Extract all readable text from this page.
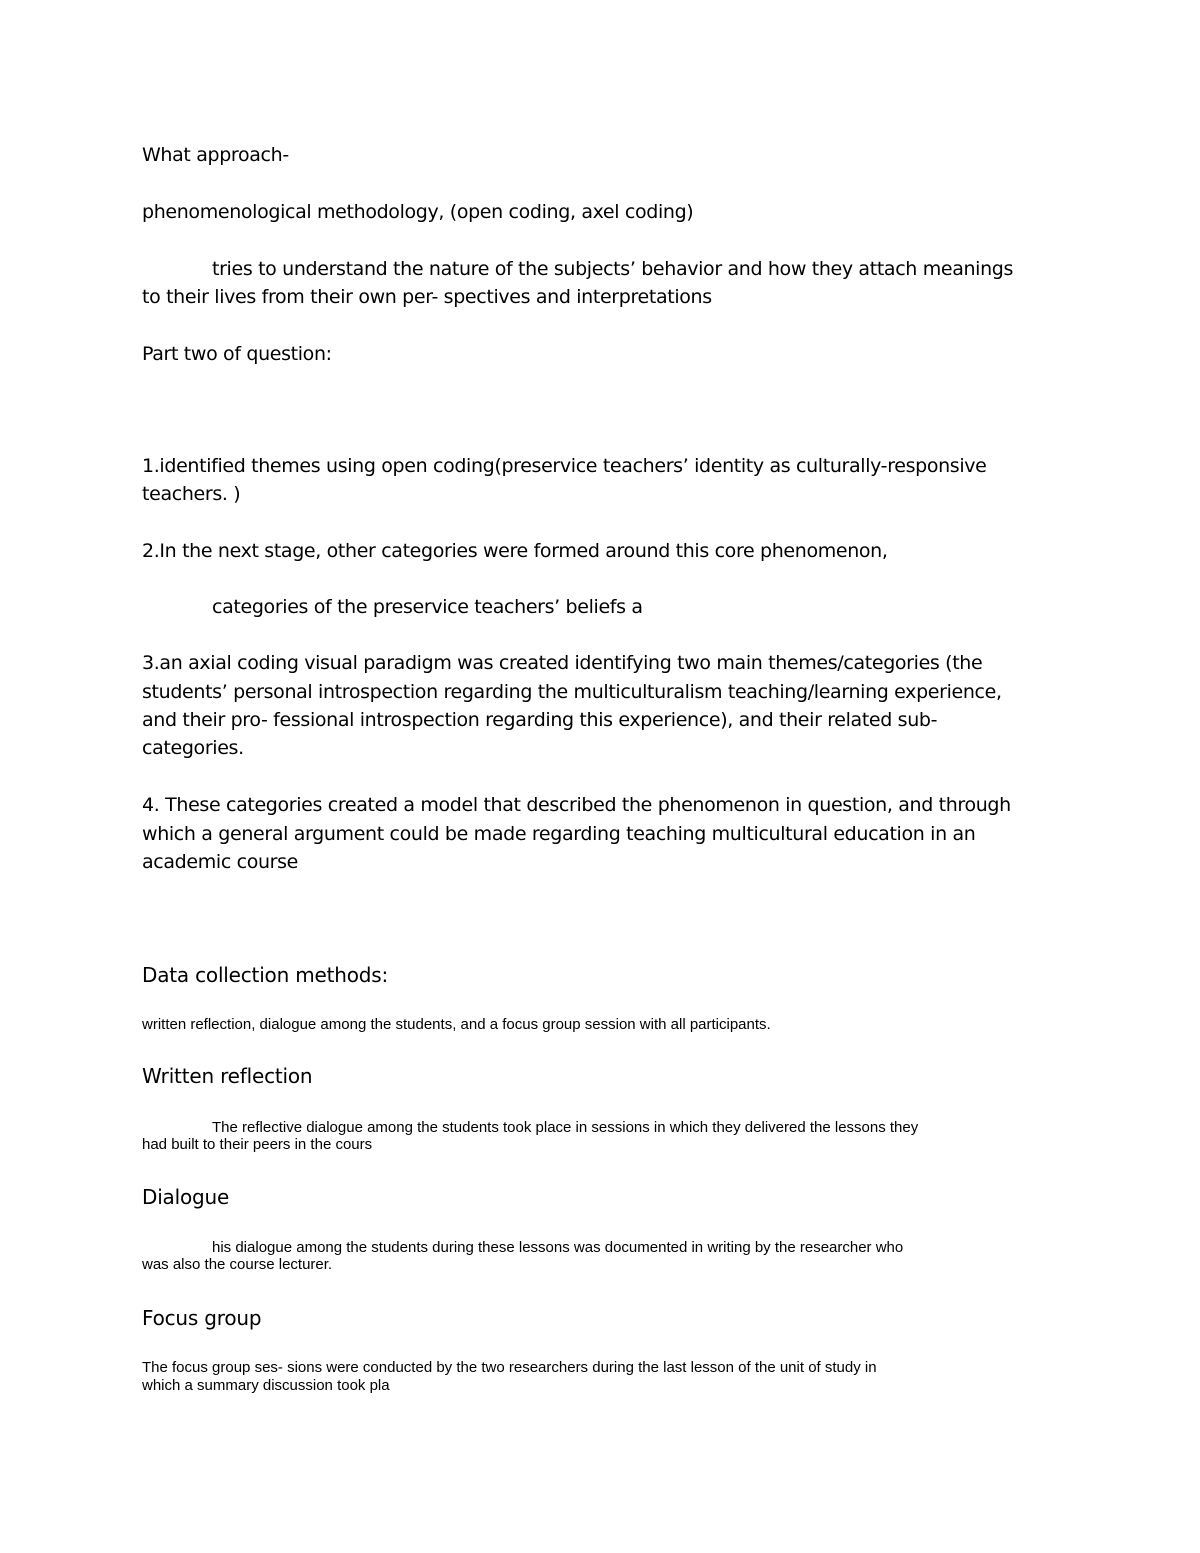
What approach-

phenomenological methodology, (open coding, axel coding)

tries to understand the nature of the subjects’ behavior and how they attach meanings

to their lives from their own per- spectives and interpretations

Part two of question:

1.identified themes using open coding(preservice teachers’ identity as culturally-responsive

teachers. )

2.In the next stage, other categories were formed around this core phenomenon,

categories of the preservice teachers’ beliefs a

3.an axial coding visual paradigm was created identifying two main themes/categories (the

students’ personal introspection regarding the multiculturalism teaching/learning experience,

and their pro- fessional introspection regarding this experience), and their related sub-

categories.

4. These categories created a model that described the phenomenon in question, and through

which a general argument could be made regarding teaching multicultural education in an

academic course

Data collection methods:

written reflection, dialogue among the students, and a focus group session with all participants.

Written reflection

The reflective dialogue among the students took place in sessions in which they delivered the lessons they

had built to their peers in the cours

Dialogue

his dialogue among the students during these lessons was documented in writing by the researcher who

was also the course lecturer.

Focus group

The focus group ses- sions were conducted by the two researchers during the last lesson of the unit of study in

which a summary discussion took pla
